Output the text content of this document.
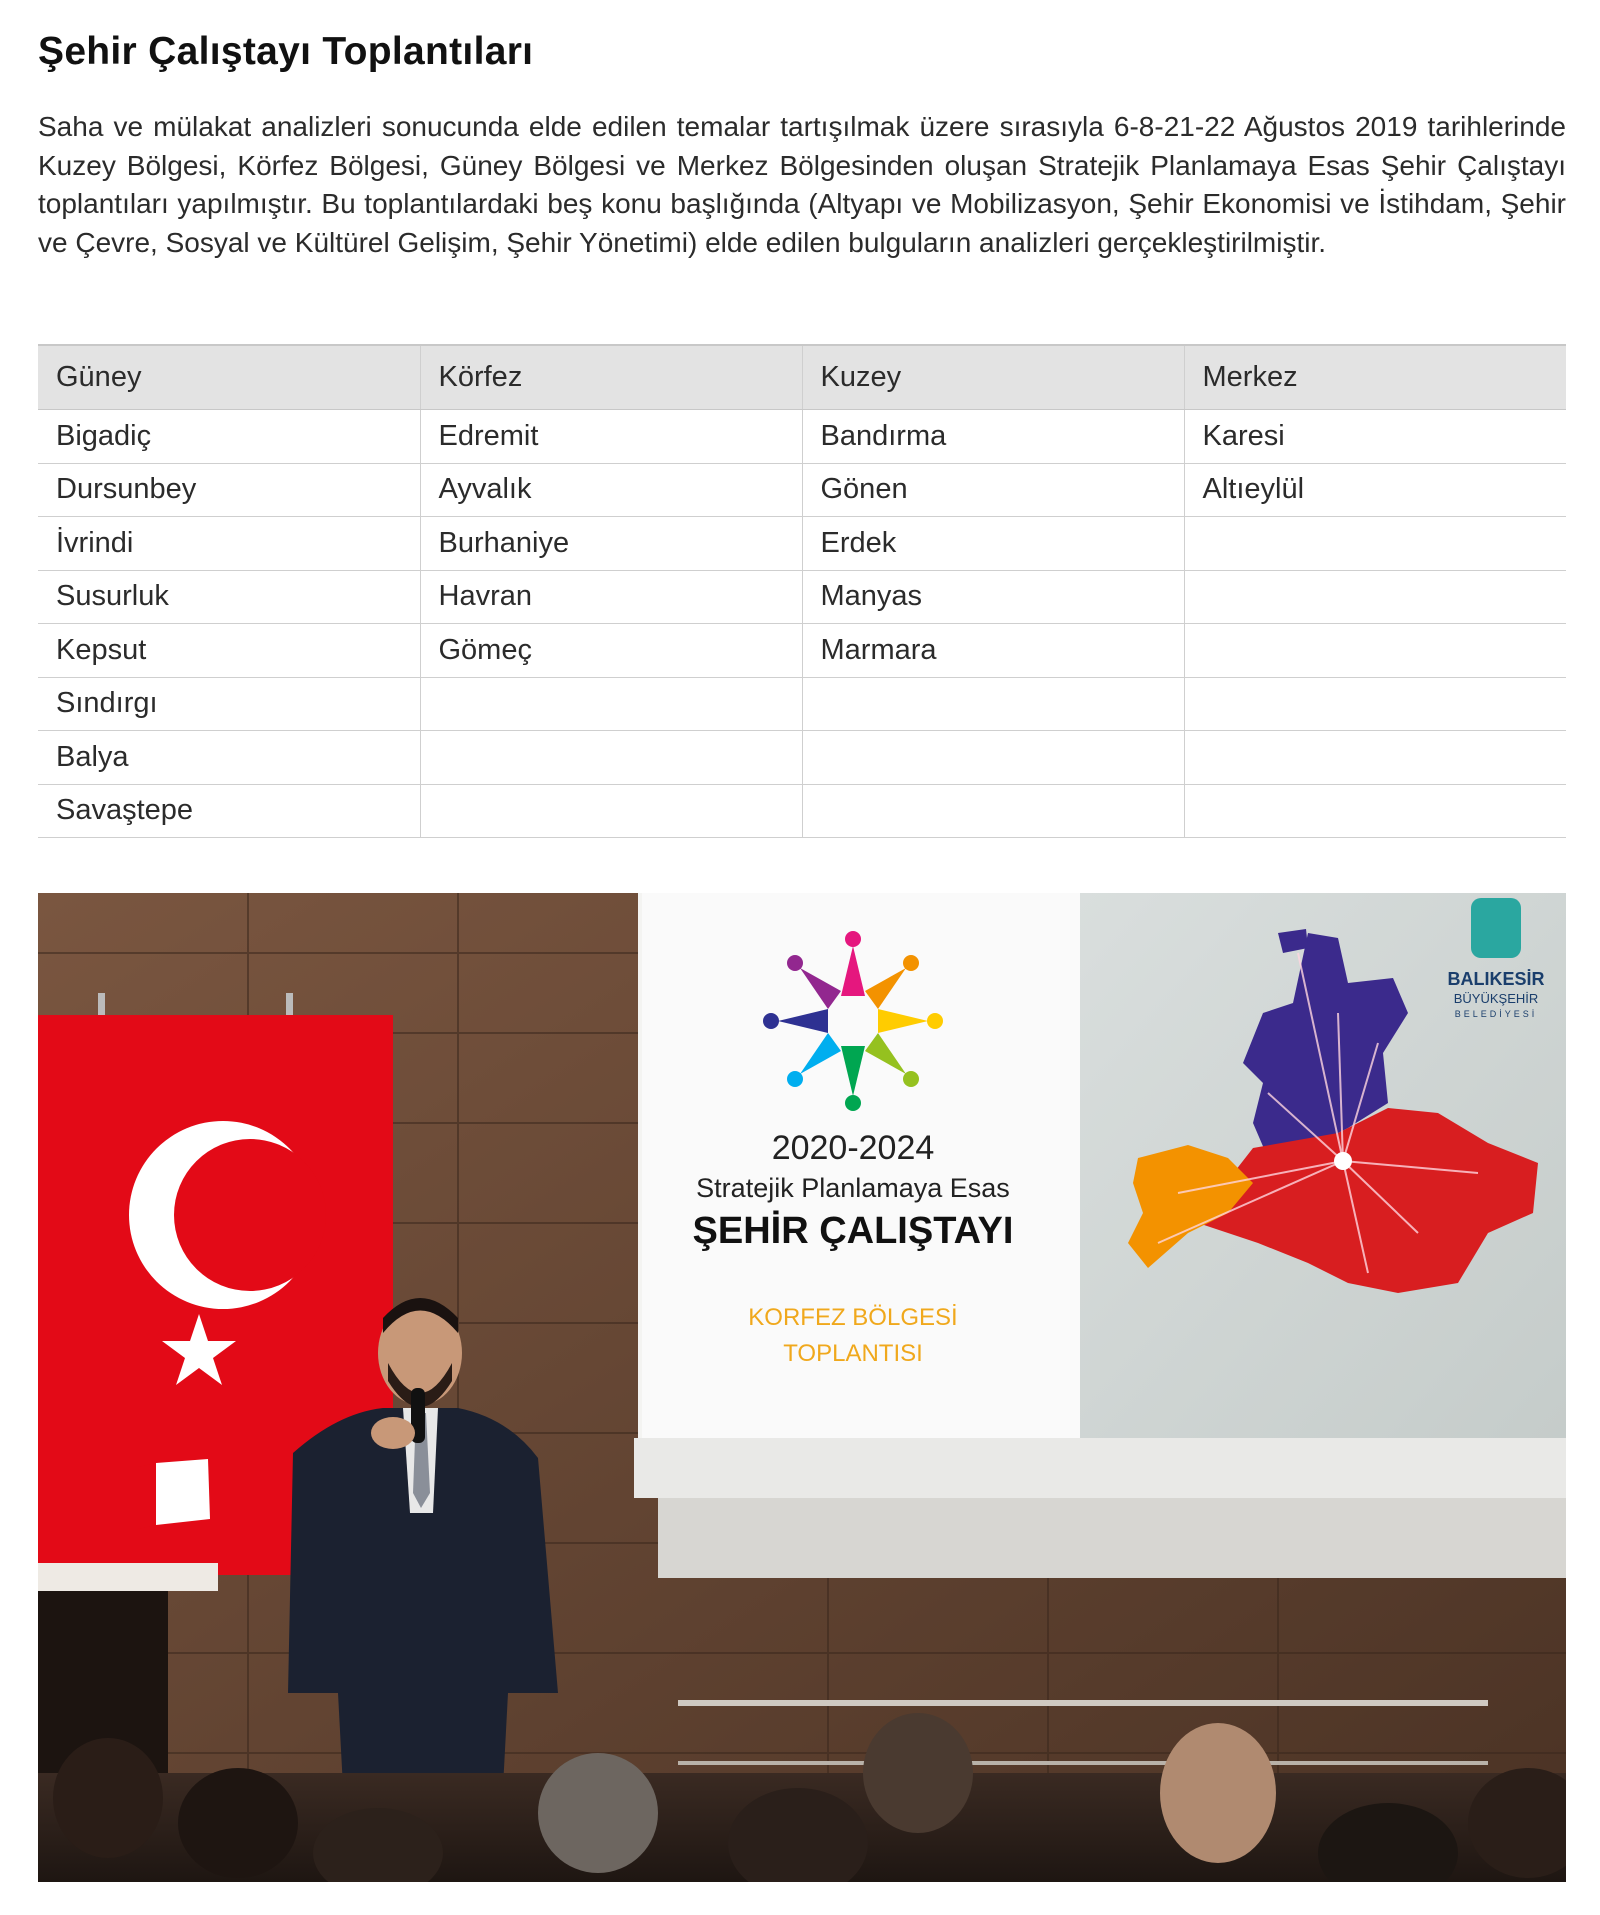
Şehir Çalıştayı Toplantıları

Saha ve mülakat analizleri sonucunda elde edilen temalar tartışılmak üzere sırasıyla 6-8-21-22 Ağustos 2019 tarihlerinde Kuzey Bölgesi, Körfez Bölgesi, Güney Bölgesi ve Merkez Bölgesinden oluşan Stratejik Planlamaya Esas Şehir Çalıştayı toplantıları yapılmıştır. Bu toplantılardaki beş konu başlığında (Altyapı ve Mobilizasyon, Şehir Ekonomisi ve İstihdam, Şehir ve Çevre, Sosyal ve Kültürel Gelişim, Şehir Yönetimi) elde edilen bulguların analizleri gerçekleştirilmiştir.

Güney	Körfez	Kuzey	Merkez
Bigadiç	Edremit	Bandırma	Karesi
Dursunbey	Ayvalık	Gönen	Altıeylül
İvrindi	Burhaniye	Erdek	
Susurluk	Havran	Manyas	
Kepsut	Gömeç	Marmara	
Sındırgı			
Balya			
Savaştepe			
2020-2024
Stratejik Planlamaya Esas
ŞEHİR ÇALIŞTAYI
KORFEZ BÖLGESİ
TOPLANTISI
BALIKESİR
BÜYÜKŞEHİR
BELEDİYESİ
